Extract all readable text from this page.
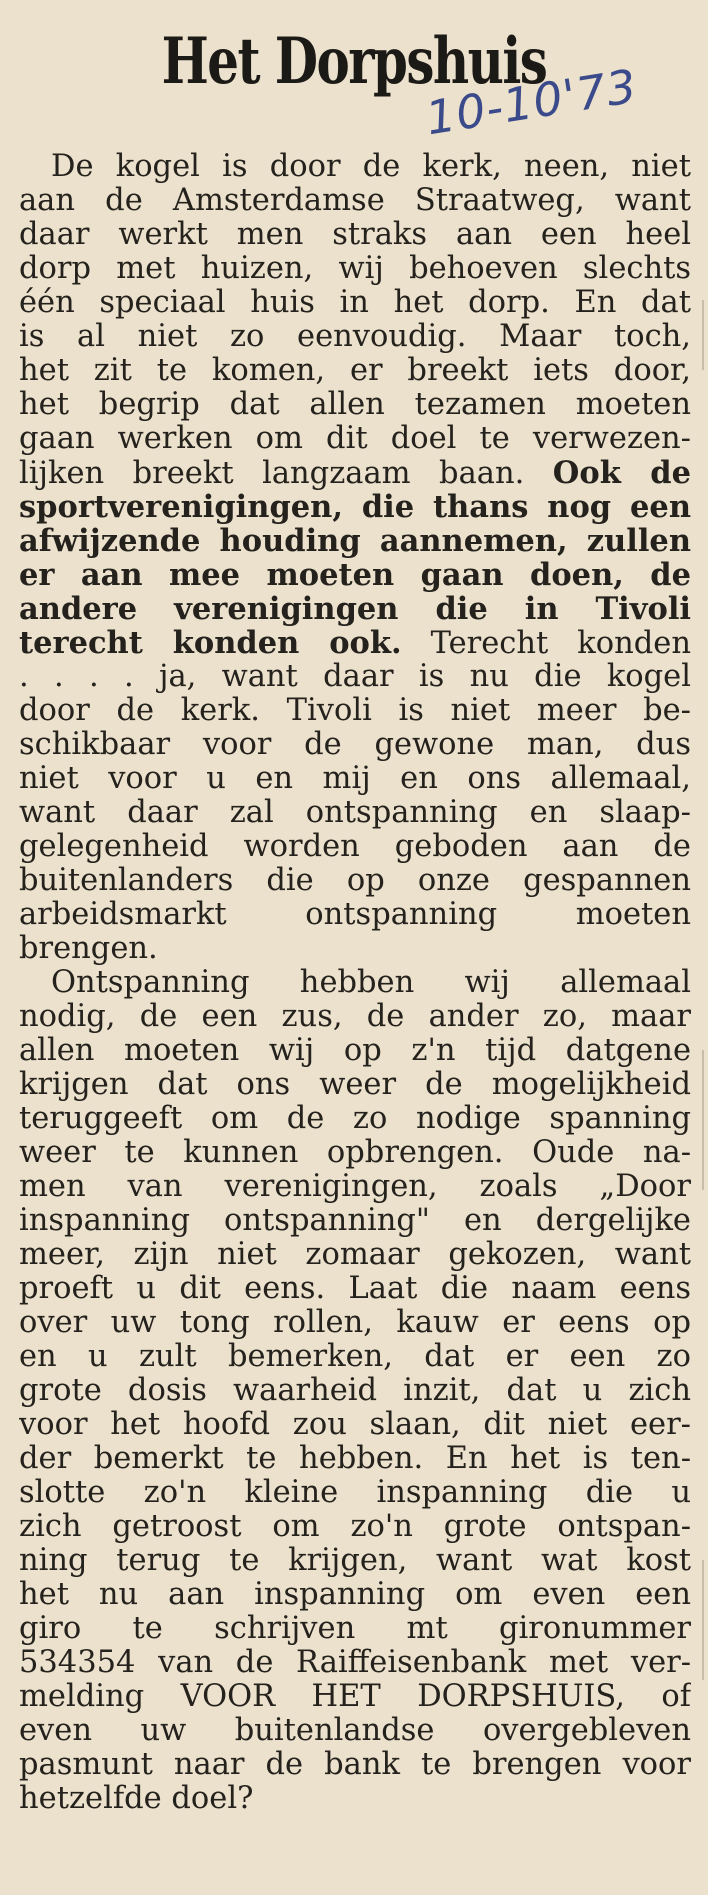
Het Dorpshuis
10-10'73
De kogel is door de kerk, neen, niet
aan de Amsterdamse Straatweg, want
daar werkt men straks aan een heel
dorp met huizen, wij behoeven slechts
één speciaal huis in het dorp. En dat
is al niet zo eenvoudig. Maar toch,
het zit te komen, er breekt iets door,
het begrip dat allen tezamen moeten
gaan werken om dit doel te verwezen-
lijken breekt langzaam baan. Ook de
sportverenigingen, die thans nog een
afwijzende houding aannemen, zullen
er aan mee moeten gaan doen, de
andere verenigingen die in Tivoli
terecht konden ook. Terecht konden
. . . . ja, want daar is nu die kogel
door de kerk. Tivoli is niet meer be-
schikbaar voor de gewone man, dus
niet voor u en mij en ons allemaal,
want daar zal ontspanning en slaap-
gelegenheid worden geboden aan de
buitenlanders die op onze gespannen
arbeidsmarkt ontspanning moeten
brengen.
Ontspanning hebben wij allemaal
nodig, de een zus, de ander zo, maar
allen moeten wij op z'n tijd datgene
krijgen dat ons weer de mogelijkheid
teruggeeft om de zo nodige spanning
weer te kunnen opbrengen. Oude na-
men van verenigingen, zoals „Door
inspanning ontspanning" en dergelijke
meer, zijn niet zomaar gekozen, want
proeft u dit eens. Laat die naam eens
over uw tong rollen, kauw er eens op
en u zult bemerken, dat er een zo
grote dosis waarheid inzit, dat u zich
voor het hoofd zou slaan, dit niet eer-
der bemerkt te hebben. En het is ten-
slotte zo'n kleine inspanning die u
zich getroost om zo'n grote ontspan-
ning terug te krijgen, want wat kost
het nu aan inspanning om even een
giro te schrijven mt gironummer
534354 van de Raiffeisenbank met ver-
melding VOOR HET DORPSHUIS, of
even uw buitenlandse overgebleven
pasmunt naar de bank te brengen voor
hetzelfde doel?
